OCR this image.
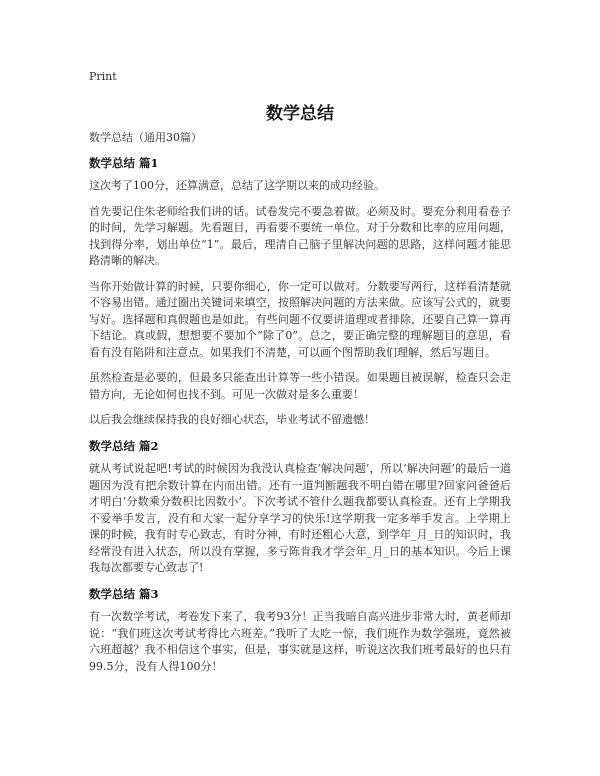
Print
数学总结

数学总结（通用30篇）

数学总结 篇1

这次考了100分，还算满意，总结了这学期以来的成功经验。

首先要记住朱老师给我们讲的话。试卷发完不要急着做。必须及时。要充分利用看卷子的时间，先学习解题。先看题目，再看要不要统一单位。对于分数和比率的应用问题，找到得分率，划出单位“1”。最后，理清自己脑子里解决问题的思路，这样问题才能思路清晰的解决。

当你开始做计算的时候，只要你细心，你一定可以做对。分数要写两行，这样看清楚就不容易出错。通过圈出关键词来填空，按照解决问题的方法来做。应该写公式的，就要写好。选择题和真假题也是如此。有些问题不仅要讲道理或者排除，还要自己算一算再下结论。真或假，想想要不要加个“除了0”。总之，要正确完整的理解题目的意思，看看有没有陷阱和注意点。如果我们不清楚，可以画个图帮助我们理解，然后写题目。

虽然检查是必要的，但最多只能查出计算等一些小错误。如果题目被误解，检查只会走错方向，无论如何也找不到。可见一次做对是多么重要！

以后我会继续保持我的良好细心状态，毕业考试不留遗憾！

数学总结 篇2

就从考试说起吧!考试的时候因为我没认真检查‘解决问题’，所以‘解决问题’的最后一道题因为没有把余数计算在内而出错。还有一道判断题我不明白错在哪里?回家问爸爸后才明白‘分数乘分数积比因数小’。下次考试不管什么题我都要认真检查。还有上学期我不爱举手发言，没有和大家一起分享学习的快乐!这学期我一定多举手发言。上学期上课的时候，我有时专心致志，有时分神，有时还粗心大意，到学年_月_日的知识时，我经常没有进入状态，所以没有掌握，多亏陈肯我才学会年_月_日的基本知识。今后上课我每次都要专心致志了!

数学总结 篇3

有一次数学考试，考卷发下来了，我考93分！正当我暗自高兴进步非常大时，黄老师却说：“我们班这次考试考得比六班差。”我听了大吃一惊，我们班作为数学强班，竟然被六班超越？我不相信这个事实，但是，事实就是这样，听说这次我们班考最好的也只有99.5分，没有人得100分！
